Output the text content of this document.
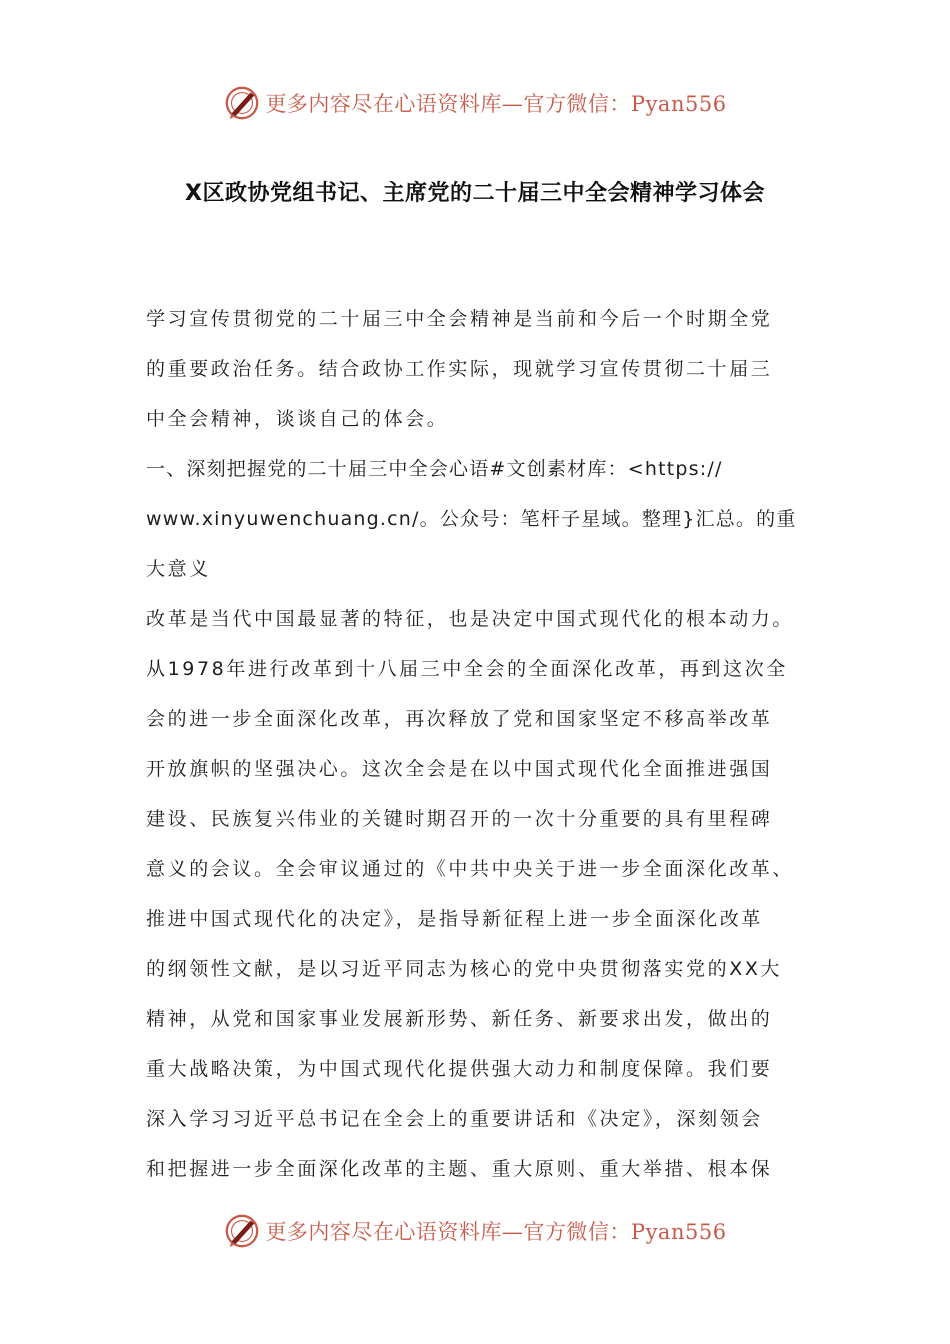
更多内容尽在心语资料库—官方微信：Pyan556
X区政协党组书记、主席党的二十届三中全会精神学习体会
学习宣传贯彻党的二十届三中全会精神是当前和今后一个时期全党
的重要政治任务。结合政协工作实际，现就学习宣传贯彻二十届三
中全会精神，谈谈自己的体会。
一、深刻把握党的二十届三中全会心语#文创素材库：<https://
www.xinyuwenchuang.cn/。公众号：笔杆子星域。整理}汇总。的重
大意义
改革是当代中国最显著的特征，也是决定中国式现代化的根本动力。
从1978年进行改革到十八届三中全会的全面深化改革，再到这次全
会的进一步全面深化改革，再次释放了党和国家坚定不移高举改革
开放旗帜的坚强决心。这次全会是在以中国式现代化全面推进强国
建设、民族复兴伟业的关键时期召开的一次十分重要的具有里程碑
意义的会议。全会审议通过的《中共中央关于进一步全面深化改革、
推进中国式现代化的决定》，是指导新征程上进一步全面深化改革
的纲领性文献，是以习近平同志为核心的党中央贯彻落实党的XX大
精神，从党和国家事业发展新形势、新任务、新要求出发，做出的
重大战略决策，为中国式现代化提供强大动力和制度保障。我们要
深入学习习近平总书记在全会上的重要讲话和《决定》，深刻领会
和把握进一步全面深化改革的主题、重大原则、重大举措、根本保
更多内容尽在心语资料库—官方微信：Pyan556
